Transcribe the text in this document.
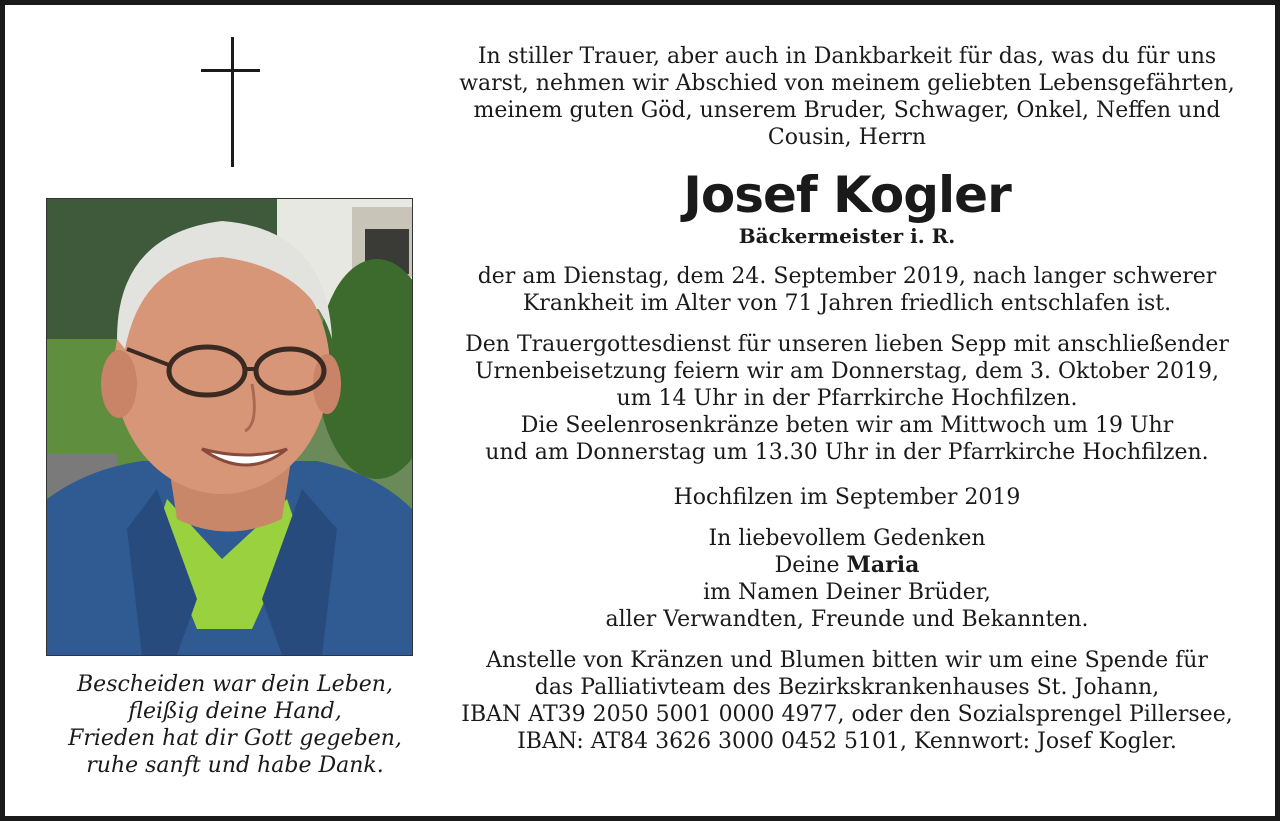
Bescheiden war dein Leben,
fleißig deine Hand,
Frieden hat dir Gott gegeben,
ruhe sanft und habe Dank.
In stiller Trauer, aber auch in Dankbarkeit für das, was du für uns
warst, nehmen wir Abschied von meinem geliebten Lebensgefährten,
meinem guten Göd, unserem Bruder, Schwager, Onkel, Neffen und
Cousin, Herrn
Josef Kogler
Bäckermeister i. R.
der am Dienstag, dem 24. September 2019, nach langer schwerer
Krankheit im Alter von 71 Jahren friedlich entschlafen ist.
Den Trauergottesdienst für unseren lieben Sepp mit anschließender
Urnenbeisetzung feiern wir am Donnerstag, dem 3. Oktober 2019,
um 14 Uhr in der Pfarrkirche Hochfilzen.
Die Seelenrosenkränze beten wir am Mittwoch um 19 Uhr
und am Donnerstag um 13.30 Uhr in der Pfarrkirche Hochfilzen.
Hochfilzen im September 2019
In liebevollem Gedenken
Deine Maria
im Namen Deiner Brüder,
aller Verwandten, Freunde und Bekannten.
Anstelle von Kränzen und Blumen bitten wir um eine Spende für
das Palliativteam des Bezirkskrankenhauses St. Johann,
IBAN AT39 2050 5001 0000 4977, oder den Sozialsprengel Pillersee,
IBAN: AT84 3626 3000 0452 5101, Kennwort: Josef Kogler.
